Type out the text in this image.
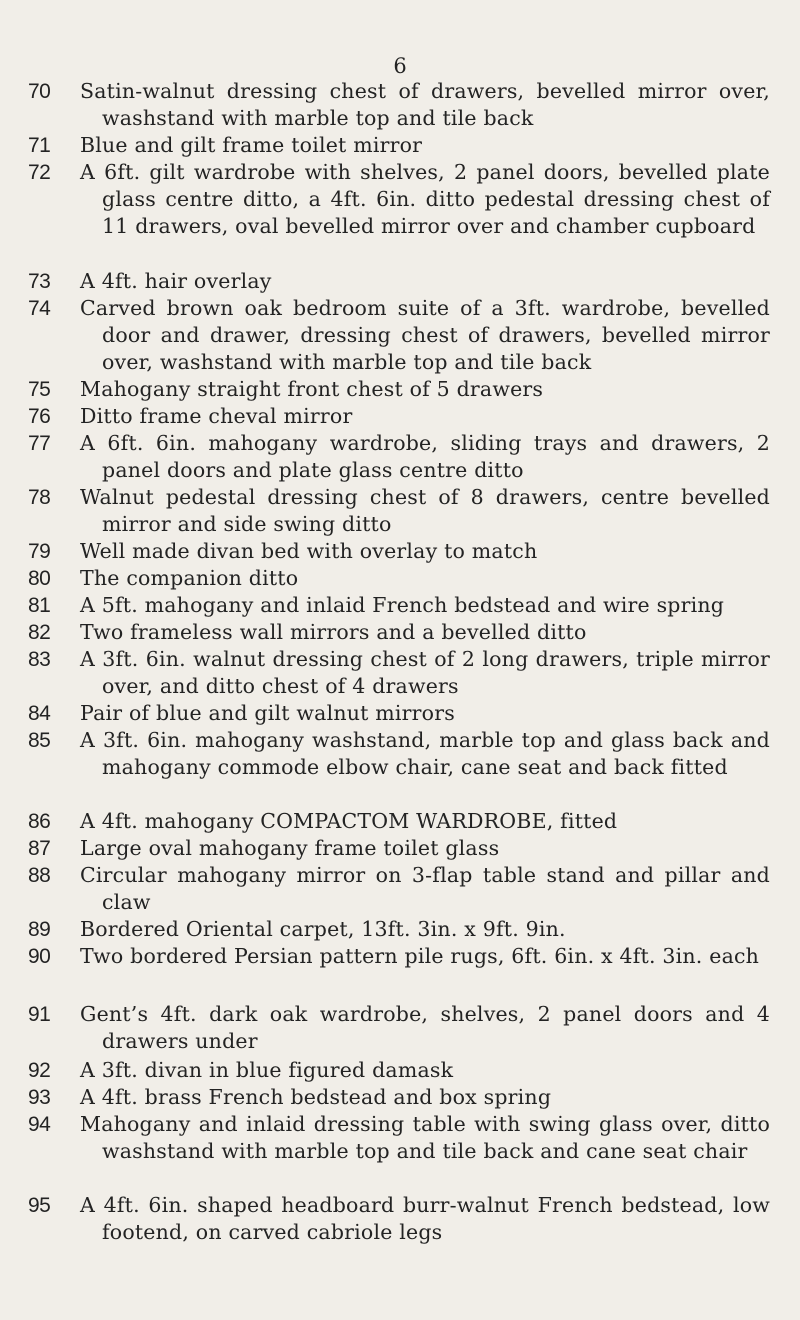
6
70	Satin-walnut dressing chest of drawers, bevelled mirror over, washstand with marble top and tile back
71	Blue and gilt frame toilet mirror
72	A 6ft. gilt wardrobe with shelves, 2 panel doors, bevelled plate glass centre ditto, a 4ft. 6in. ditto pedestal dressing chest of 11 drawers, oval bevelled mirror over and chamber cupboard
73	A 4ft. hair overlay
74	Carved brown oak bedroom suite of a 3ft. wardrobe, bevelled door and drawer, dressing chest of drawers, bevelled mirror over, washstand with marble top and tile back
75	Mahogany straight front chest of 5 drawers
76	Ditto frame cheval mirror
77	A 6ft. 6in. mahogany wardrobe, sliding trays and drawers, 2 panel doors and plate glass centre ditto
78	Walnut pedestal dressing chest of 8 drawers, centre bevelled mirror and side swing ditto
79	Well made divan bed with overlay to match
80	The companion ditto
81	A 5ft. mahogany and inlaid French bedstead and wire spring
82	Two frameless wall mirrors and a bevelled ditto
83	A 3ft. 6in. walnut dressing chest of 2 long drawers, triple mirror over, and ditto chest of 4 drawers
84	Pair of blue and gilt walnut mirrors
85	A 3ft. 6in. mahogany washstand, marble top and glass back and mahogany commode elbow chair, cane seat and back fitted
86	A 4ft. mahogany COMPACTOM WARDROBE, fitted
87	Large oval mahogany frame toilet glass
88	Circular mahogany mirror on 3-flap table stand and pillar and claw
89	Bordered Oriental carpet, 13ft. 3in. x 9ft. 9in.
90	Two bordered Persian pattern pile rugs, 6ft. 6in. x 4ft. 3in. each
91	Gent’s 4ft. dark oak wardrobe, shelves, 2 panel doors and 4 drawers under
92	A 3ft. divan in blue figured damask
93	A 4ft. brass French bedstead and box spring
94	Mahogany and inlaid dressing table with swing glass over, ditto washstand with marble top and tile back and cane seat chair
95	A 4ft. 6in. shaped headboard burr-walnut French bedstead, low footend, on carved cabriole legs
